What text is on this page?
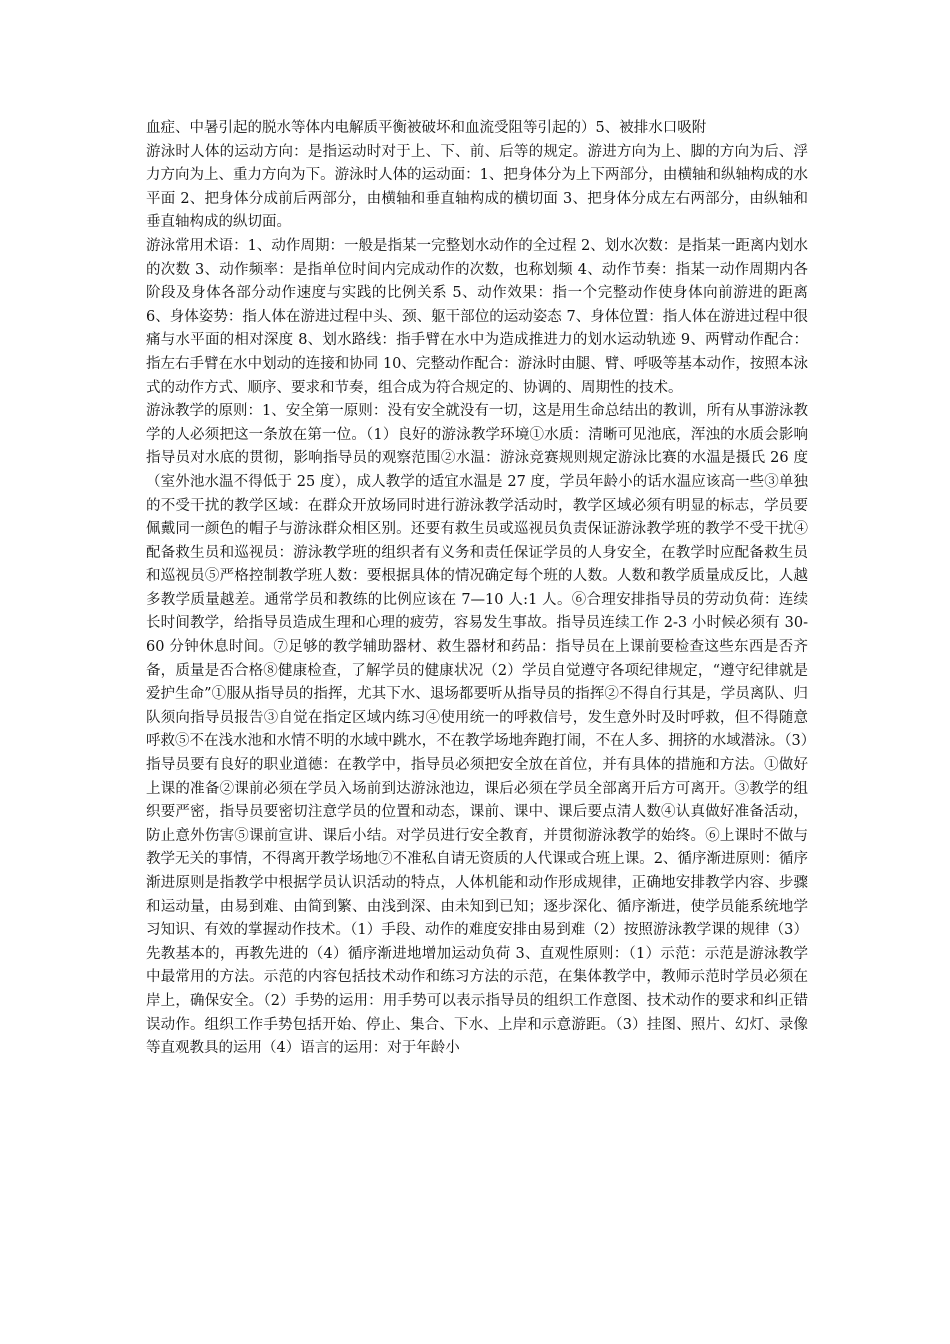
血症、中暑引起的脱水等体内电解质平衡被破坏和血流受阻等引起的）5、被排水口吸附

游泳时人体的运动方向：是指运动时对于上、下、前、后等的规定。游进方向为上、脚的方向为后、浮力方向为上、重力方向为下。游泳时人体的运动面：1、把身体分为上下两部分，由横轴和纵轴构成的水平面 2、把身体分成前后两部分，由横轴和垂直轴构成的横切面 3、把身体分成左右两部分，由纵轴和垂直轴构成的纵切面。

游泳常用术语：1、动作周期：一般是指某一完整划水动作的全过程 2、划水次数：是指某一距离内划水的次数 3、动作频率：是指单位时间内完成动作的次数，也称划频 4、动作节奏：指某一动作周期内各阶段及身体各部分动作速度与实践的比例关系 5、动作效果：指一个完整动作使身体向前游进的距离 6、身体姿势：指人体在游进过程中头、颈、躯干部位的运动姿态 7、身体位置：指人体在游进过程中很痛与水平面的相对深度 8、划水路线：指手臂在水中为造成推进力的划水运动轨迹 9、两臂动作配合：指左右手臂在水中划动的连接和协同 10、完整动作配合：游泳时由腿、臂、呼吸等基本动作，按照本泳式的动作方式、顺序、要求和节奏，组合成为符合规定的、协调的、周期性的技术。

游泳教学的原则：1、安全第一原则：没有安全就没有一切，这是用生命总结出的教训，所有从事游泳教学的人必须把这一条放在第一位。（1）良好的游泳教学环境①水质：清晰可见池底，浑浊的水质会影响指导员对水底的贯彻，影响指导员的观察范围②水温：游泳竞赛规则规定游泳比赛的水温是摄氏 26 度（室外池水温不得低于 25 度），成人教学的适宜水温是 27 度，学员年龄小的话水温应该高一些③单独的不受干扰的教学区域：在群众开放场同时进行游泳教学活动时，教学区域必须有明显的标志，学员要佩戴同一颜色的帽子与游泳群众相区别。还要有救生员或巡视员负责保证游泳教学班的教学不受干扰④配备救生员和巡视员：游泳教学班的组织者有义务和责任保证学员的人身安全，在教学时应配备救生员和巡视员⑤严格控制教学班人数：要根据具体的情况确定每个班的人数。人数和教学质量成反比，人越多教学质量越差。通常学员和教练的比例应该在 7—10 人:1 人。⑥合理安排指导员的劳动负荷：连续长时间教学，给指导员造成生理和心理的疲劳，容易发生事故。指导员连续工作 2-3 小时候必须有 30-60 分钟休息时间。⑦足够的教学辅助器材、救生器材和药品：指导员在上课前要检查这些东西是否齐备，质量是否合格⑧健康检查，了解学员的健康状况（2）学员自觉遵守各项纪律规定，“遵守纪律就是爱护生命”①服从指导员的指挥，尤其下水、退场都要听从指导员的指挥②不得自行其是，学员离队、归队须向指导员报告③自觉在指定区域内练习④使用统一的呼救信号，发生意外时及时呼救，但不得随意呼救⑤不在浅水池和水情不明的水域中跳水，不在教学场地奔跑打闹，不在人多、拥挤的水域潜泳。（3）指导员要有良好的职业道德：在教学中，指导员必须把安全放在首位，并有具体的措施和方法。①做好上课的准备②课前必须在学员入场前到达游泳池边，课后必须在学员全部离开后方可离开。③教学的组织要严密，指导员要密切注意学员的位置和动态，课前、课中、课后要点清人数④认真做好准备活动，防止意外伤害⑤课前宣讲、课后小结。对学员进行安全教育，并贯彻游泳教学的始终。⑥上课时不做与教学无关的事情，不得离开教学场地⑦不准私自请无资质的人代课或合班上课。2、循序渐进原则：循序渐进原则是指教学中根据学员认识活动的特点，人体机能和动作形成规律，正确地安排教学内容、步骤和运动量，由易到难、由简到繁、由浅到深、由未知到已知；逐步深化、循序渐进，使学员能系统地学习知识、有效的掌握动作技术。（1）手段、动作的难度安排由易到难（2）按照游泳教学课的规律（3）先教基本的，再教先进的（4）循序渐进地增加运动负荷 3、直观性原则：（1）示范：示范是游泳教学中最常用的方法。示范的内容包括技术动作和练习方法的示范，在集体教学中，教师示范时学员必须在岸上，确保安全。（2）手势的运用：用手势可以表示指导员的组织工作意图、技术动作的要求和纠正错误动作。组织工作手势包括开始、停止、集合、下水、上岸和示意游距。（3）挂图、照片、幻灯、录像等直观教具的运用（4）语言的运用：对于年龄小
